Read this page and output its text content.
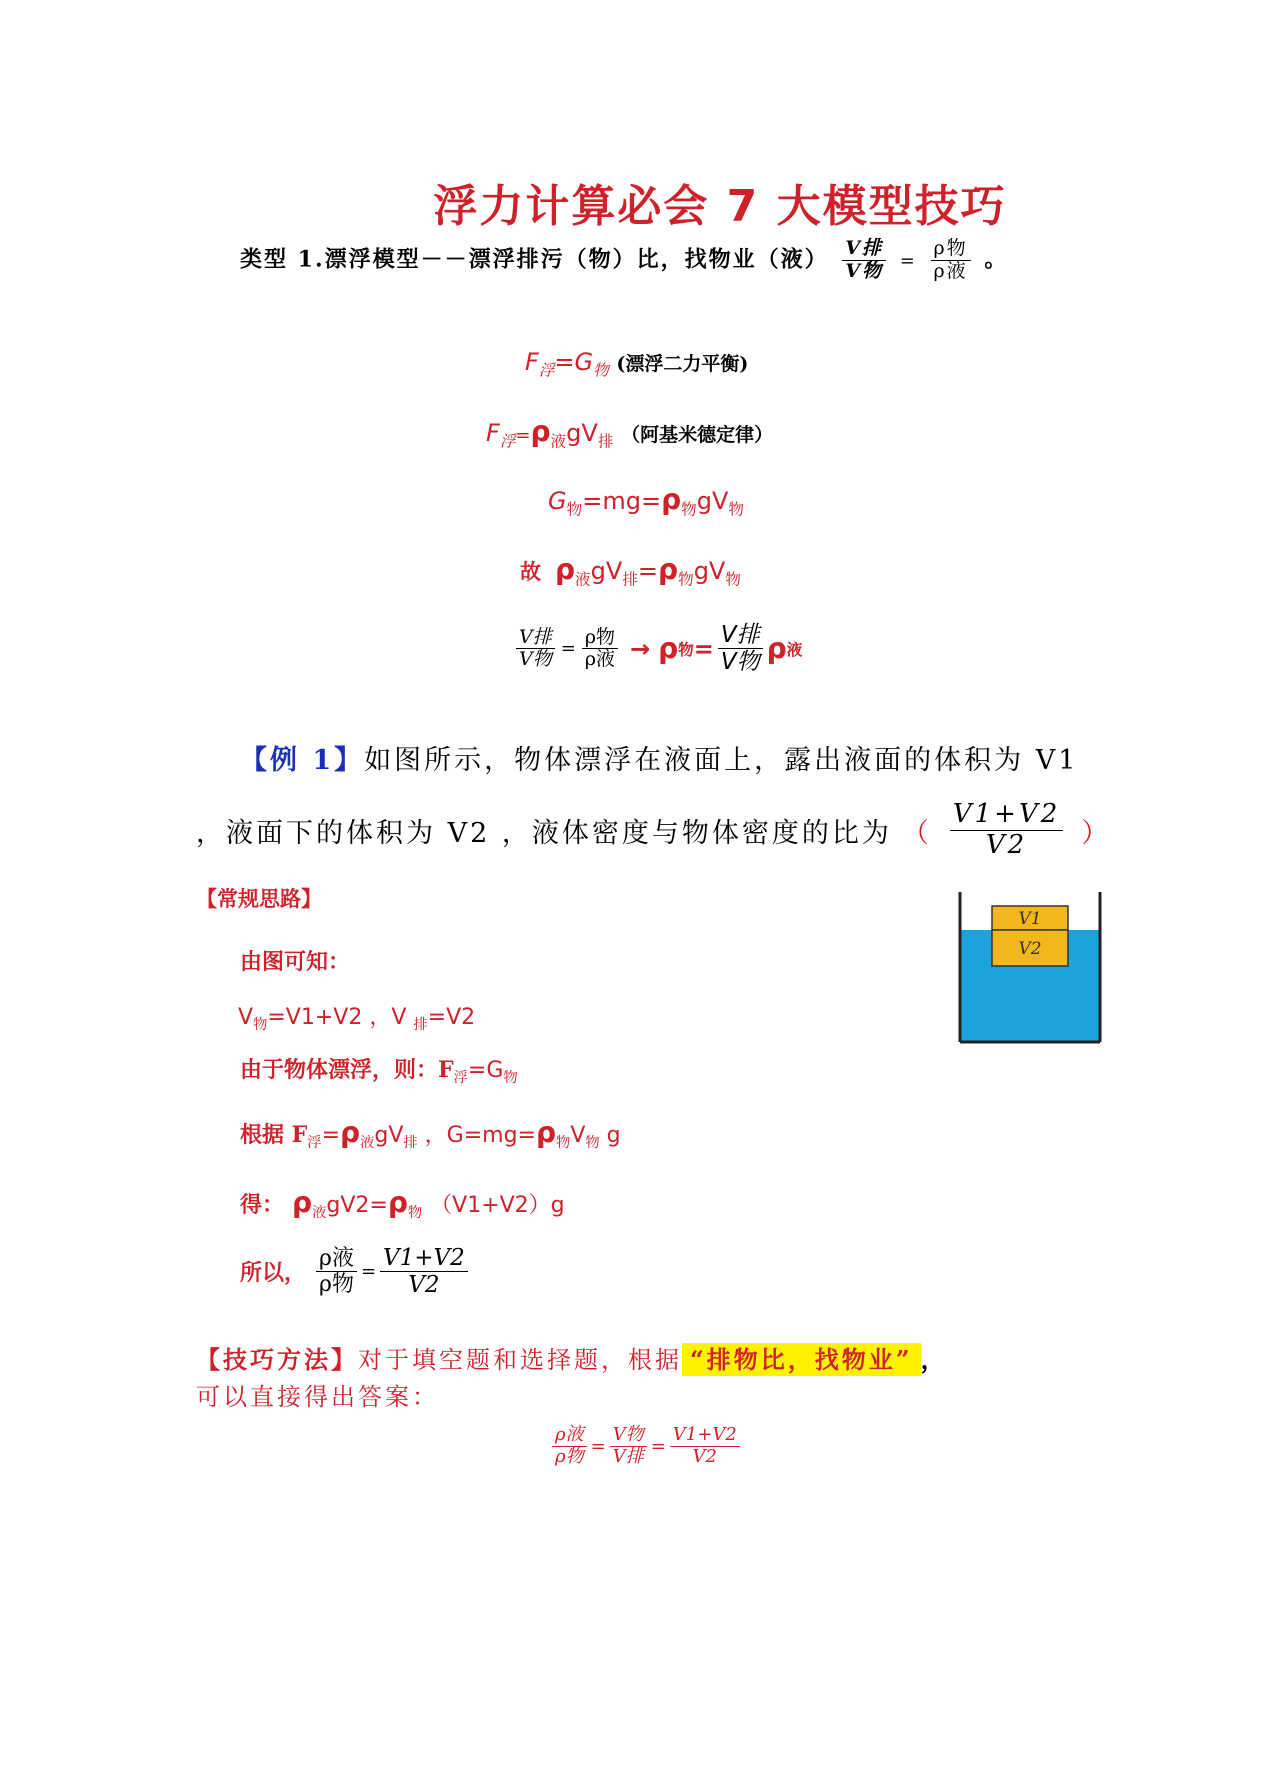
浮力计算必会 7 大模型技巧
类型 1.漂浮模型－－漂浮排污（物）比，找物业（液） $\frac{\text{V排}}{\text{V物}} = \frac{\text{ρ物}}{\text{ρ液}}$ 。
$F_浮=G_物$ (漂浮二力平衡)
$F_浮=\rho_液gV_排$ （阿基米德定律）
$G_物=mg=\rho_物gV_物$
故 $\rho_液gV_排=\rho_物gV_物$
$\frac{\text{V排}}{\text{V物}} = \frac{\text{ρ物}}{\text{ρ液}} \to \rho$ 物 = $\frac{\text{V排}}{\text{V物}}$ ρ 液
【例 1】如图所示，物体漂浮在液面上，露出液面的体积为 V1
，液面下的体积为 V2 ，液体密度与物体密度的比为 （ $\frac{V1+V2}{V2}$ ）
【常规思路】
由图可知：
$V_物=V1+V2$ ，V $_排$=V2
由于物体漂浮，则：$F_浮=G_物$
根据 $F_浮=\rho_液gV_排$ ，$G=mg=\rho_物V_物$ g
得： $\rho_液gV2=\rho_物$ （V1+V2）g
所以， $\frac{\text{ρ液}}{\text{ρ物}} = \frac{V1+V2}{V2}$
V1
V2
【技巧方法】对于填空题和选择题，根据 “排物比，找物业” ，
可以直接得出答案：
$\frac{\text{ρ液}}{\text{ρ物}} = \frac{\text{V物}}{\text{V排}} = \frac{V1+V2}{V2}$
